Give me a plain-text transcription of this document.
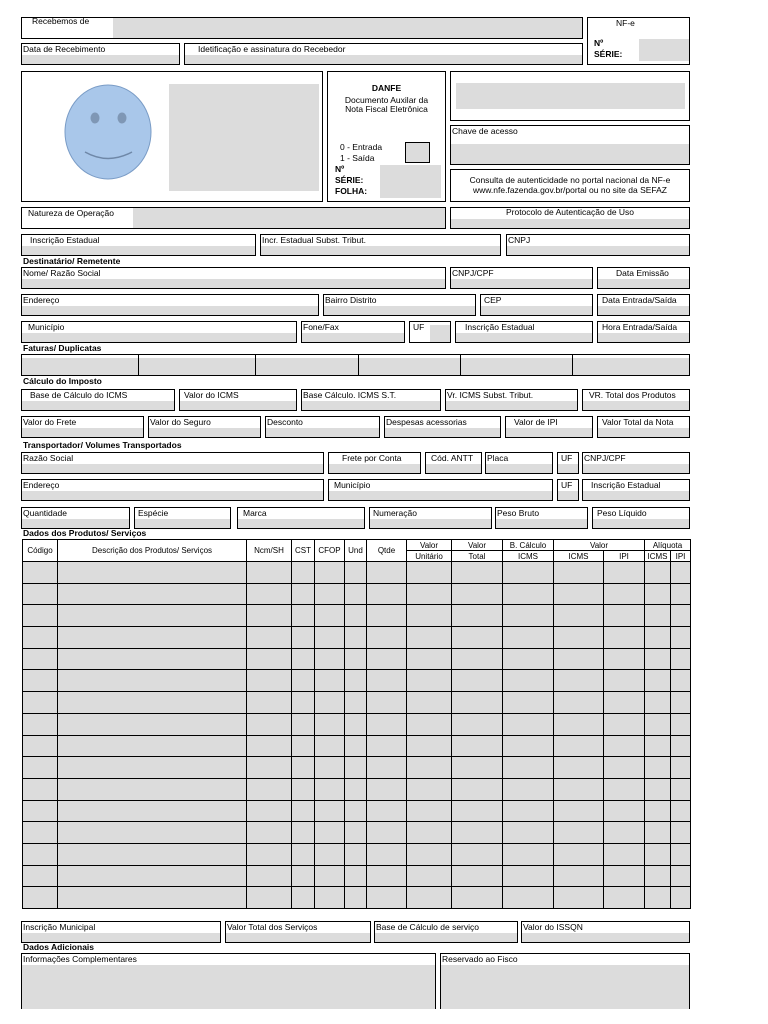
Recebemos de	NF-e
Nº
SÉRIE:
Data de Recebimento	Idetificação e assinatura do Recebedor
DANFE
Documento Auxilar da
Nota Fiscal Eletrônica
0 - Entrada
1 - Saída
Nº
SÉRIE:
FOLHA:
Chave de acesso
Consulta de autenticidade no portal nacional da NF-e
www.nfe.fazenda.gov.br/portal ou no site da SEFAZ
Natureza de Operação	Protocolo de Autenticação de Uso
Inscrição Estadual	Incr. Estadual Subst. Tribut.	CNPJ
Destinatário/ Remetente
Nome/ Razão Social	CNPJ/CPF	Data Emissão
Endereço	Bairro Distrito	CEP	Data Entrada/Saída
Município	Fone/Fax	UF	Inscrição Estadual	Hora Entrada/Saída
Faturas/ Duplicatas
Cálculo do Imposto
Base de Cálculo do ICMS	Valor do ICMS	Base Cálculo. ICMS S.T.	Vr. ICMS Subst. Tribut.	VR. Total dos Produtos
Valor do Frete	Valor do Seguro	Desconto	Despesas acessorias	Valor de IPI	Valor Total da Nota
Transportador/ Volumes Transportados
Razão Social	Frete por Conta	Cód. ANTT Placa	UF CNPJ/CPF
Endereço	Município	UF Inscrição Estadual
Quantidade	Espécie	Marca	Numeração	Peso Bruto	Peso Líquido
Dados dos Produtos/ Serviços
Código	Descrição dos Produtos/ Serviços	Ncm/SH	CST	CFOP	Und	Qtde	Valor	Valor	B. Cálculo	Valor		Alíquota	
							Unitário	Total	ICMS	ICMS	IPI	ICMS	IPI

Inscrição Municipal	Valor Total dos Serviços	Base de Cálculo de serviço	Valor do ISSQN
Dados Adicionais
Informações Complementares	Reservado ao Fisco
